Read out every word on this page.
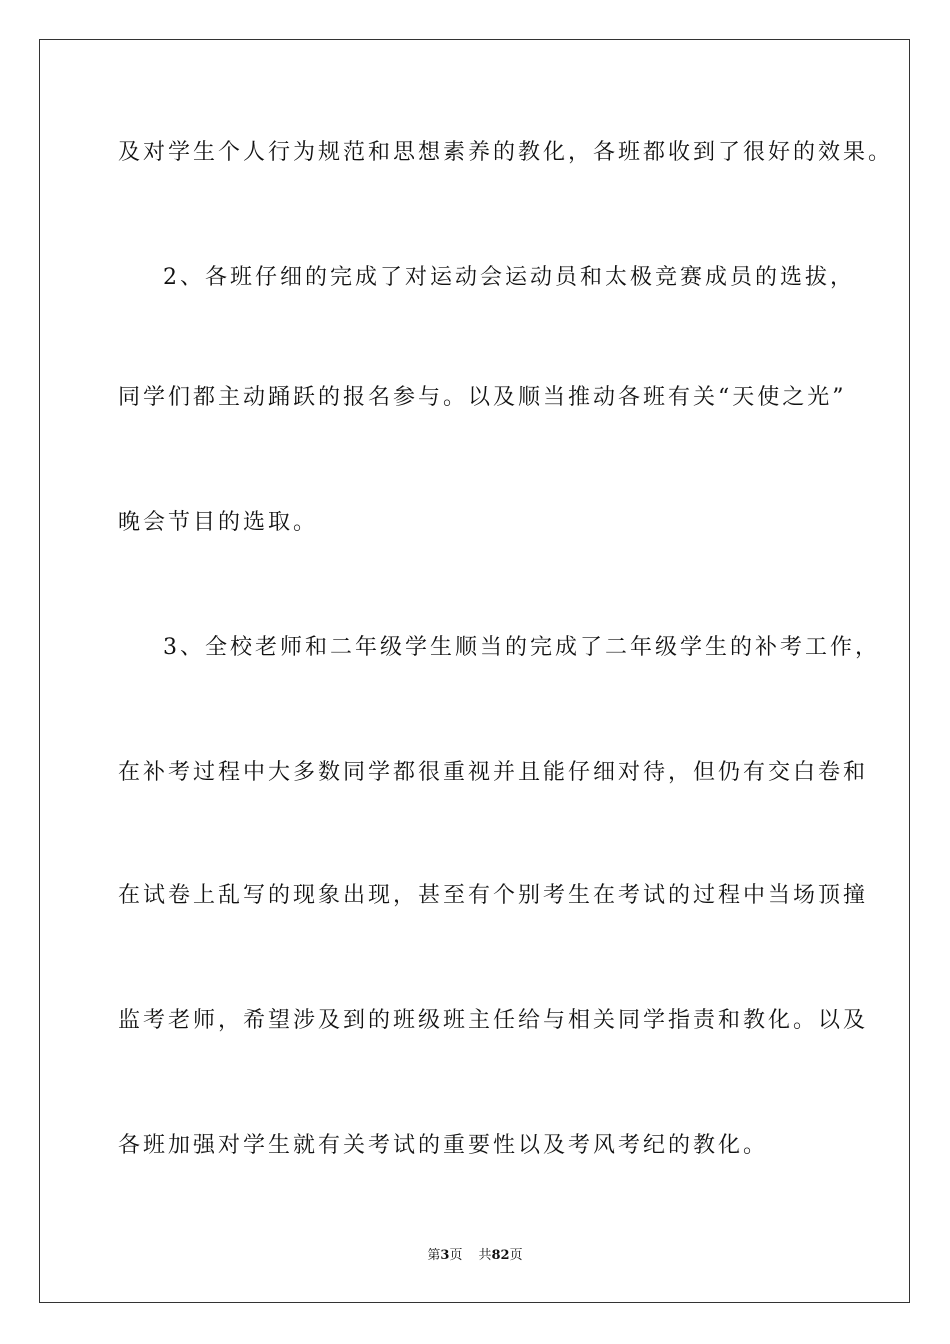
及对学生个人行为规范和思想素养的教化，各班都收到了很好的效果。
2、各班仔细的完成了对运动会运动员和太极竞赛成员的选拔，
同学们都主动踊跃的报名参与。以及顺当推动各班有关“天使之光”
晚会节目的选取。
3、全校老师和二年级学生顺当的完成了二年级学生的补考工作，
在补考过程中大多数同学都很重视并且能仔细对待，但仍有交白卷和
在试卷上乱写的现象出现，甚至有个别考生在考试的过程中当场顶撞
监考老师，希望涉及到的班级班主任给与相关同学指责和教化。以及
各班加强对学生就有关考试的重要性以及考风考纪的教化。
第3页 共82页
